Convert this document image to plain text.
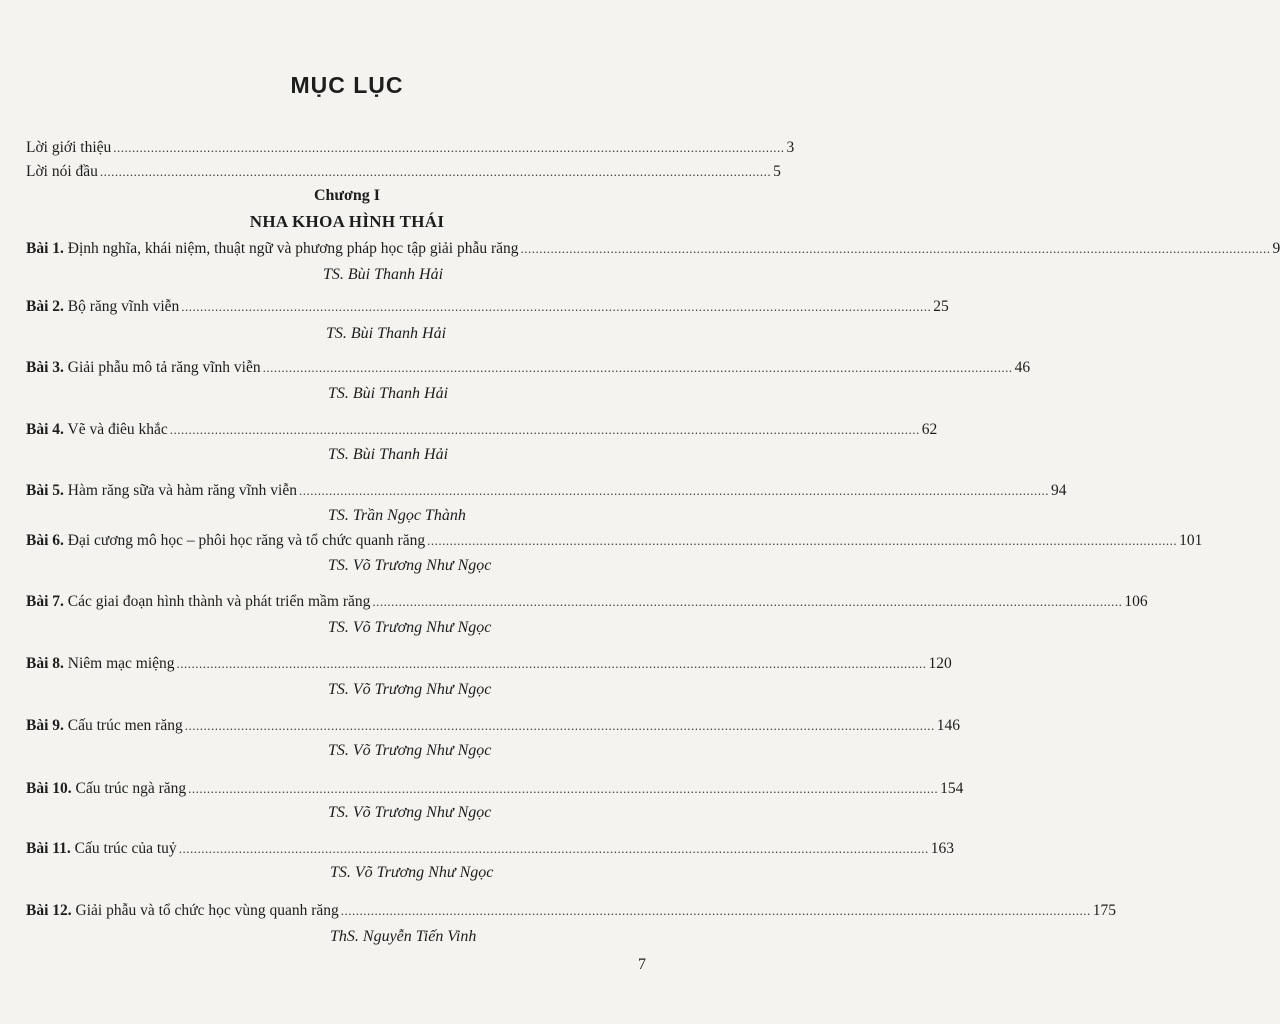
MỤC LỤC
Lời giới thiệu ................................................................................................................................................................................... 3
Lời nói đầu ................................................................................................................................................................................... 5
Chương I
NHA KHOA HÌNH THÁI
Bài 1. Định nghĩa, khái niệm, thuật ngữ và phương pháp học tập giải phẫu răng ........................................................................................................................................................................................................ 9
TS. Bùi Thanh Hải
Bài 2. Bộ răng vĩnh viễn ........................................................................................................................................................................................................ 25
TS. Bùi Thanh Hải
Bài 3. Giải phẫu mô tả răng vĩnh viễn ........................................................................................................................................................................................................ 46
TS. Bùi Thanh Hải
Bài 4. Vẽ và điêu khắc ........................................................................................................................................................................................................ 62
TS. Bùi Thanh Hải
Bài 5. Hàm răng sữa và hàm răng vĩnh viễn ........................................................................................................................................................................................................ 94
TS. Trần Ngọc Thành
Bài 6. Đại cương mô học – phôi học răng và tổ chức quanh răng ........................................................................................................................................................................................................ 101
TS. Võ Trương Như Ngọc
Bài 7. Các giai đoạn hình thành và phát triển mầm răng ........................................................................................................................................................................................................ 106
TS. Võ Trương Như Ngọc
Bài 8. Niêm mạc miệng ........................................................................................................................................................................................................ 120
TS. Võ Trương Như Ngọc
Bài 9. Cấu trúc men răng ........................................................................................................................................................................................................ 146
TS. Võ Trương Như Ngọc
Bài 10. Cấu trúc ngà răng ........................................................................................................................................................................................................ 154
TS. Võ Trương Như Ngọc
Bài 11. Cấu trúc của tuỷ ........................................................................................................................................................................................................ 163
TS. Võ Trương Như Ngọc
Bài 12. Giải phẫu và tổ chức học vùng quanh răng ........................................................................................................................................................................................................ 175
ThS. Nguyễn Tiến Vinh
7
